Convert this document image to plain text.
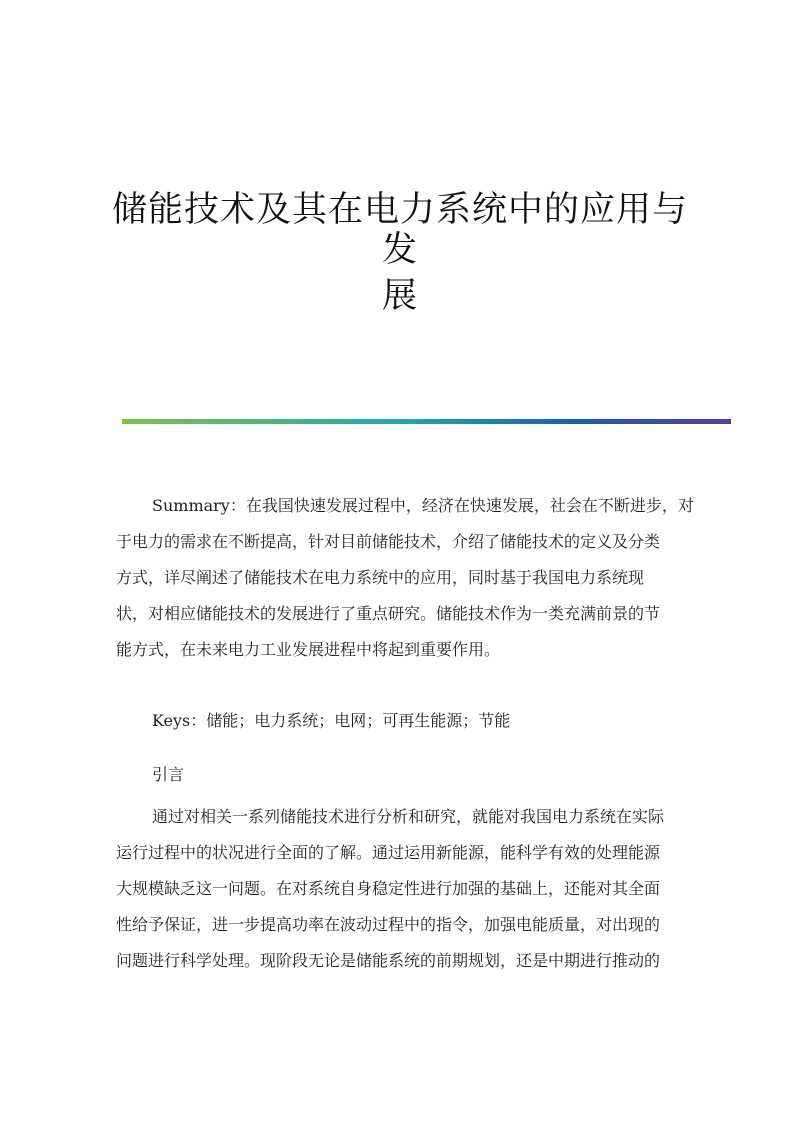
储能技术及其在电力系统中的应用与发
展
Summary：在我国快速发展过程中，经济在快速发展，社会在不断进步，对
于电力的需求在不断提高，针对目前储能技术，介绍了储能技术的定义及分类
方式，详尽阐述了储能技术在电力系统中的应用，同时基于我国电力系统现
状，对相应储能技术的发展进行了重点研究。储能技术作为一类充满前景的节
能方式，在未来电力工业发展进程中将起到重要作用。
Keys：储能；电力系统；电网；可再生能源；节能
引言
通过对相关一系列储能技术进行分析和研究，就能对我国电力系统在实际
运行过程中的状况进行全面的了解。通过运用新能源，能科学有效的处理能源
大规模缺乏这一问题。在对系统自身稳定性进行加强的基础上，还能对其全面
性给予保证，进一步提高功率在波动过程中的指令，加强电能质量，对出现的
问题进行科学处理。现阶段无论是储能系统的前期规划，还是中期进行推动的
